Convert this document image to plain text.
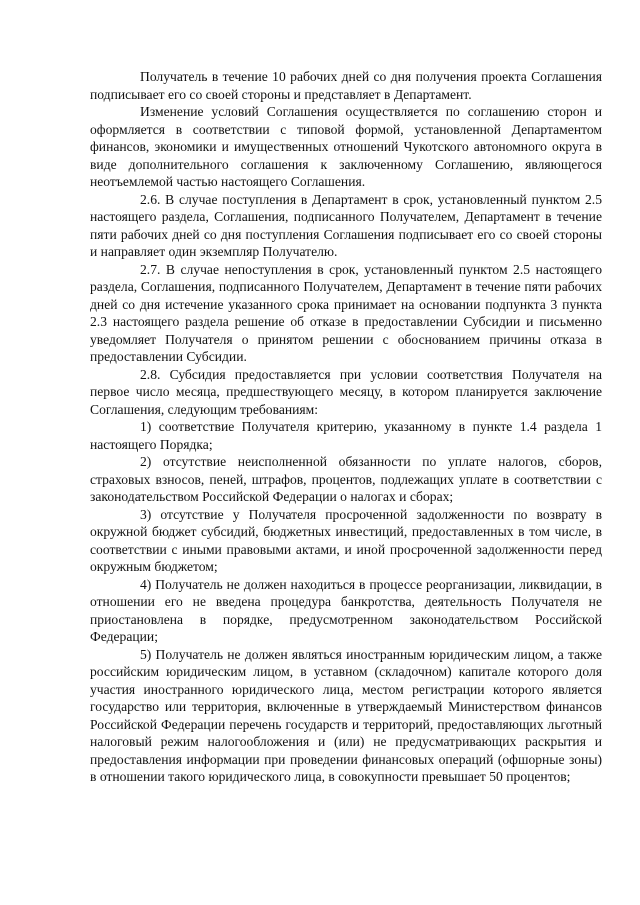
Получатель в течение 10 рабочих дней со дня получения проекта Соглашения подписывает его со своей стороны и представляет в Департамент.

Изменение условий Соглашения осуществляется по соглашению сторон и оформляется в соответствии с типовой формой, установленной Департаментом финансов, экономики и имущественных отношений Чукотского автономного округа в виде дополнительного соглашения к заключенному Соглашению, являющегося неотъемлемой частью настоящего Соглашения.

2.6. В случае поступления в Департамент в срок, установленный пунктом 2.5 настоящего раздела, Соглашения, подписанного Получателем, Департамент в течение пяти рабочих дней со дня поступления Соглашения подписывает его со своей стороны и направляет один экземпляр Получателю.

2.7. В случае непоступления в срок, установленный пунктом 2.5 настоящего раздела, Соглашения, подписанного Получателем, Департамент в течение пяти рабочих дней со дня истечение указанного срока принимает на основании подпункта 3 пункта 2.3 настоящего раздела решение об отказе в предоставлении Субсидии и письменно уведомляет Получателя о принятом решении с обоснованием причины отказа в предоставлении Субсидии.

2.8. Субсидия предоставляется при условии соответствия Получателя на первое число месяца, предшествующего месяцу, в котором планируется заключение Соглашения, следующим требованиям:

1) соответствие Получателя критерию, указанному в пункте 1.4 раздела 1 настоящего Порядка;

2) отсутствие неисполненной обязанности по уплате налогов, сборов, страховых взносов, пеней, штрафов, процентов, подлежащих уплате в соответствии с законодательством Российской Федерации о налогах и сборах;

3) отсутствие у Получателя просроченной задолженности по возврату в окружной бюджет субсидий, бюджетных инвестиций, предоставленных в том числе, в соответствии с иными правовыми актами, и иной просроченной задолженности перед окружным бюджетом;

4) Получатель не должен находиться в процессе реорганизации, ликвидации, в отношении его не введена процедура банкротства, деятельность Получателя не приостановлена в порядке, предусмотренном законодательством Российской Федерации;

5) Получатель не должен являться иностранным юридическим лицом, а также российским юридическим лицом, в уставном (складочном) капитале которого доля участия иностранного юридического лица, местом регистрации которого является государство или территория, включенные в утверждаемый Министерством финансов Российской Федерации перечень государств и территорий, предоставляющих льготный налоговый режим налогообложения и (или) не предусматривающих раскрытия и предоставления информации при проведении финансовых операций (офшорные зоны) в отношении такого юридического лица, в совокупности превышает 50 процентов;
